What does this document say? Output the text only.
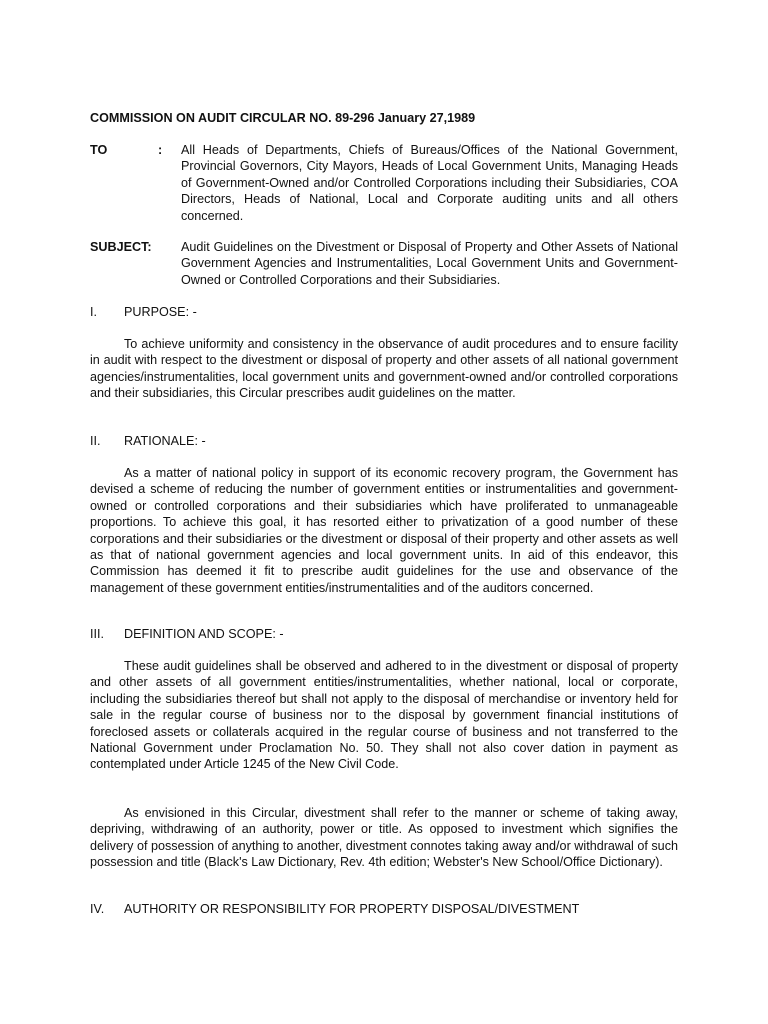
COMMISSION ON AUDIT CIRCULAR NO. 89-296 January 27,1989
TO	: All Heads of Departments, Chiefs of Bureaus/Offices of the National Government, Provincial Governors, City Mayors, Heads of Local Government Units, Managing Heads of Government-Owned and/or Controlled Corporations including their Subsidiaries, COA Directors, Heads of National, Local and Corporate auditing units and all others concerned.
SUBJECT: Audit Guidelines on the Divestment or Disposal of Property and Other Assets of National Government Agencies and Instrumentalities, Local Government Units and Government-Owned or Controlled Corporations and their Subsidiaries.
I. PURPOSE: -
To achieve uniformity and consistency in the observance of audit procedures and to ensure facility in audit with respect to the divestment or disposal of property and other assets of all national government agencies/instrumentalities, local government units and government-owned and/or controlled corporations and their subsidiaries, this Circular prescribes audit guidelines on the matter.
II. RATIONALE: -
As a matter of national policy in support of its economic recovery program, the Government has devised a scheme of reducing the number of government entities or instrumentalities and government-owned or controlled corporations and their subsidiaries which have proliferated to unmanageable proportions. To achieve this goal, it has resorted either to privatization of a good number of these corporations and their subsidiaries or the divestment or disposal of their property and other assets as well as that of national government agencies and local government units. In aid of this endeavor, this Commission has deemed it fit to prescribe audit guidelines for the use and observance of the management of these government entities/instrumentalities and of the auditors concerned.
III. DEFINITION AND SCOPE: -
These audit guidelines shall be observed and adhered to in the divestment or disposal of property and other assets of all government entities/instrumentalities, whether national, local or corporate, including the subsidiaries thereof but shall not apply to the disposal of merchandise or inventory held for sale in the regular course of business nor to the disposal by government financial institutions of foreclosed assets or collaterals acquired in the regular course of business and not transferred to the National Government under Proclamation No. 50. They shall not also cover dation in payment as contemplated under Article 1245 of the New Civil Code.
As envisioned in this Circular, divestment shall refer to the manner or scheme of taking away, depriving, withdrawing of an authority, power or title. As opposed to investment which signifies the delivery of possession of anything to another, divestment connotes taking away and/or withdrawal of such possession and title (Black's Law Dictionary, Rev. 4th edition; Webster's New School/Office Dictionary).
IV. AUTHORITY OR RESPONSIBILITY FOR PROPERTY DISPOSAL/DIVESTMENT
